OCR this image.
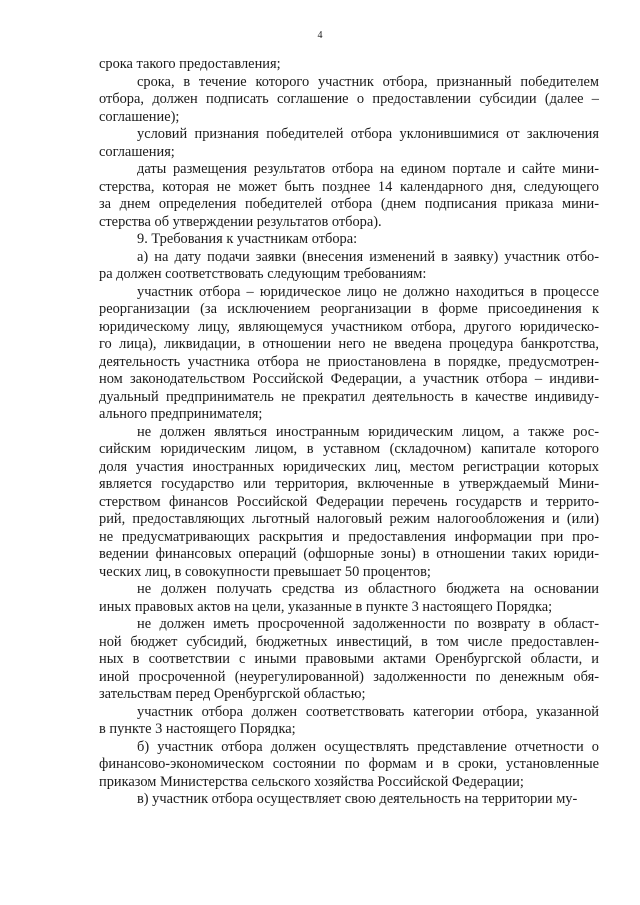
4
срока такого предоставления;
срока, в течение которого участник отбора, признанный победителем
отбора, должен подписать соглашение о предоставлении субсидии (далее –
соглашение);
условий признания победителей отбора уклонившимися от заключения
соглашения;
даты размещения результатов отбора на едином портале и сайте мини-
стерства, которая не может быть позднее 14 календарного дня, следующего
за днем определения победителей отбора (днем подписания приказа мини-
стерства об утверждении результатов отбора).
9. Требования к участникам отбора:
а) на дату подачи заявки (внесения изменений в заявку) участник отбо-
ра должен соответствовать следующим требованиям:
участник отбора – юридическое лицо не должно находиться в процессе
реорганизации (за исключением реорганизации в форме присоединения к
юридическому лицу, являющемуся участником отбора, другого юридическо-
го лица), ликвидации, в отношении него не введена процедура банкротства,
деятельность участника отбора не приостановлена в порядке, предусмотрен-
ном законодательством Российской Федерации, а участник отбора – индиви-
дуальный предприниматель не прекратил деятельность в качестве индивиду-
ального предпринимателя;
не должен являться иностранным юридическим лицом, а также рос-
сийским юридическим лицом, в уставном (складочном) капитале которого
доля участия иностранных юридических лиц, местом регистрации которых
является государство или территория, включенные в утверждаемый Мини-
стерством финансов Российской Федерации перечень государств и террито-
рий, предоставляющих льготный налоговый режим налогообложения и (или)
не предусматривающих раскрытия и предоставления информации при про-
ведении финансовых операций (офшорные зоны) в отношении таких юриди-
ческих лиц, в совокупности превышает 50 процентов;
не должен получать средства из областного бюджета на основании
иных правовых актов на цели, указанные в пункте 3 настоящего Порядка;
не должен иметь просроченной задолженности по возврату в област-
ной бюджет субсидий, бюджетных инвестиций, в том числе предоставлен-
ных в соответствии с иными правовыми актами Оренбургской области, и
иной просроченной (неурегулированной) задолженности по денежным обя-
зательствам перед Оренбургской областью;
участник отбора должен соответствовать категории отбора, указанной
в пункте 3 настоящего Порядка;
б) участник отбора должен осуществлять представление отчетности о
финансово-экономическом состоянии по формам и в сроки, установленные
приказом Министерства сельского хозяйства Российской Федерации;
в) участник отбора осуществляет свою деятельность на территории му-
